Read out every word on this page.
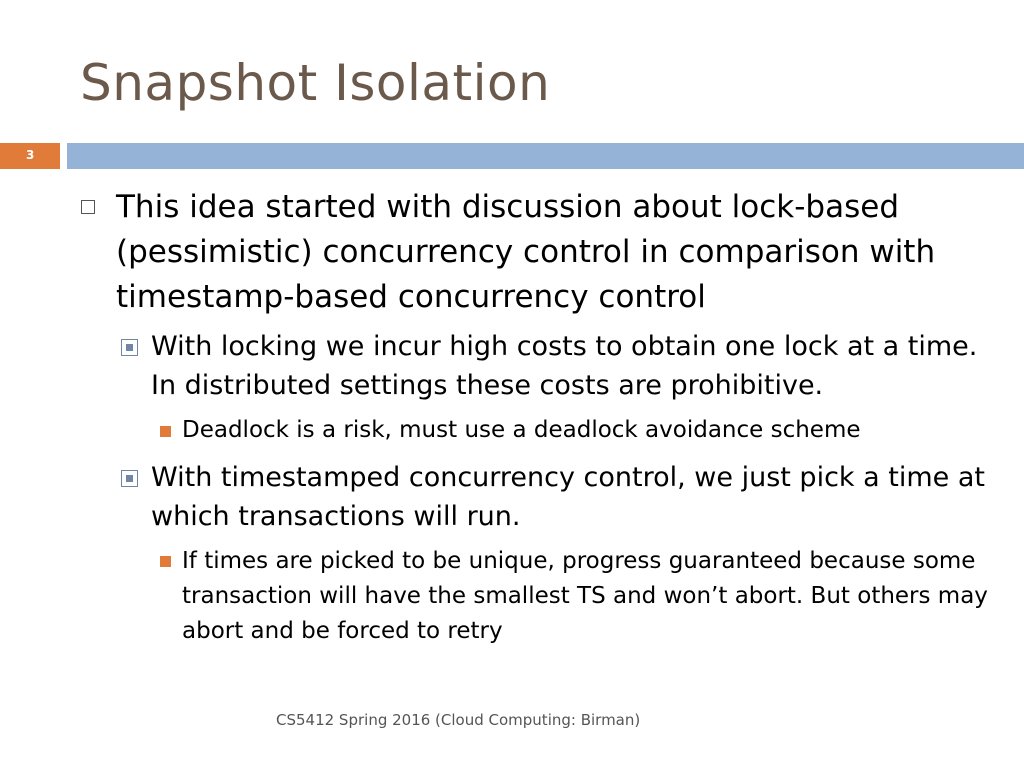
Snapshot Isolation
3
This idea started with discussion about lock-based (pessimistic) concurrency control in comparison with timestamp-based concurrency control
With locking we incur high costs to obtain one lock at a time. In distributed settings these costs are prohibitive.
Deadlock is a risk, must use a deadlock avoidance scheme
With timestamped concurrency control, we just pick a time at which transactions will run.
If times are picked to be unique, progress guaranteed because some transaction will have the smallest TS and won’t abort. But others may abort and be forced to retry
CS5412 Spring 2016 (Cloud Computing: Birman)
